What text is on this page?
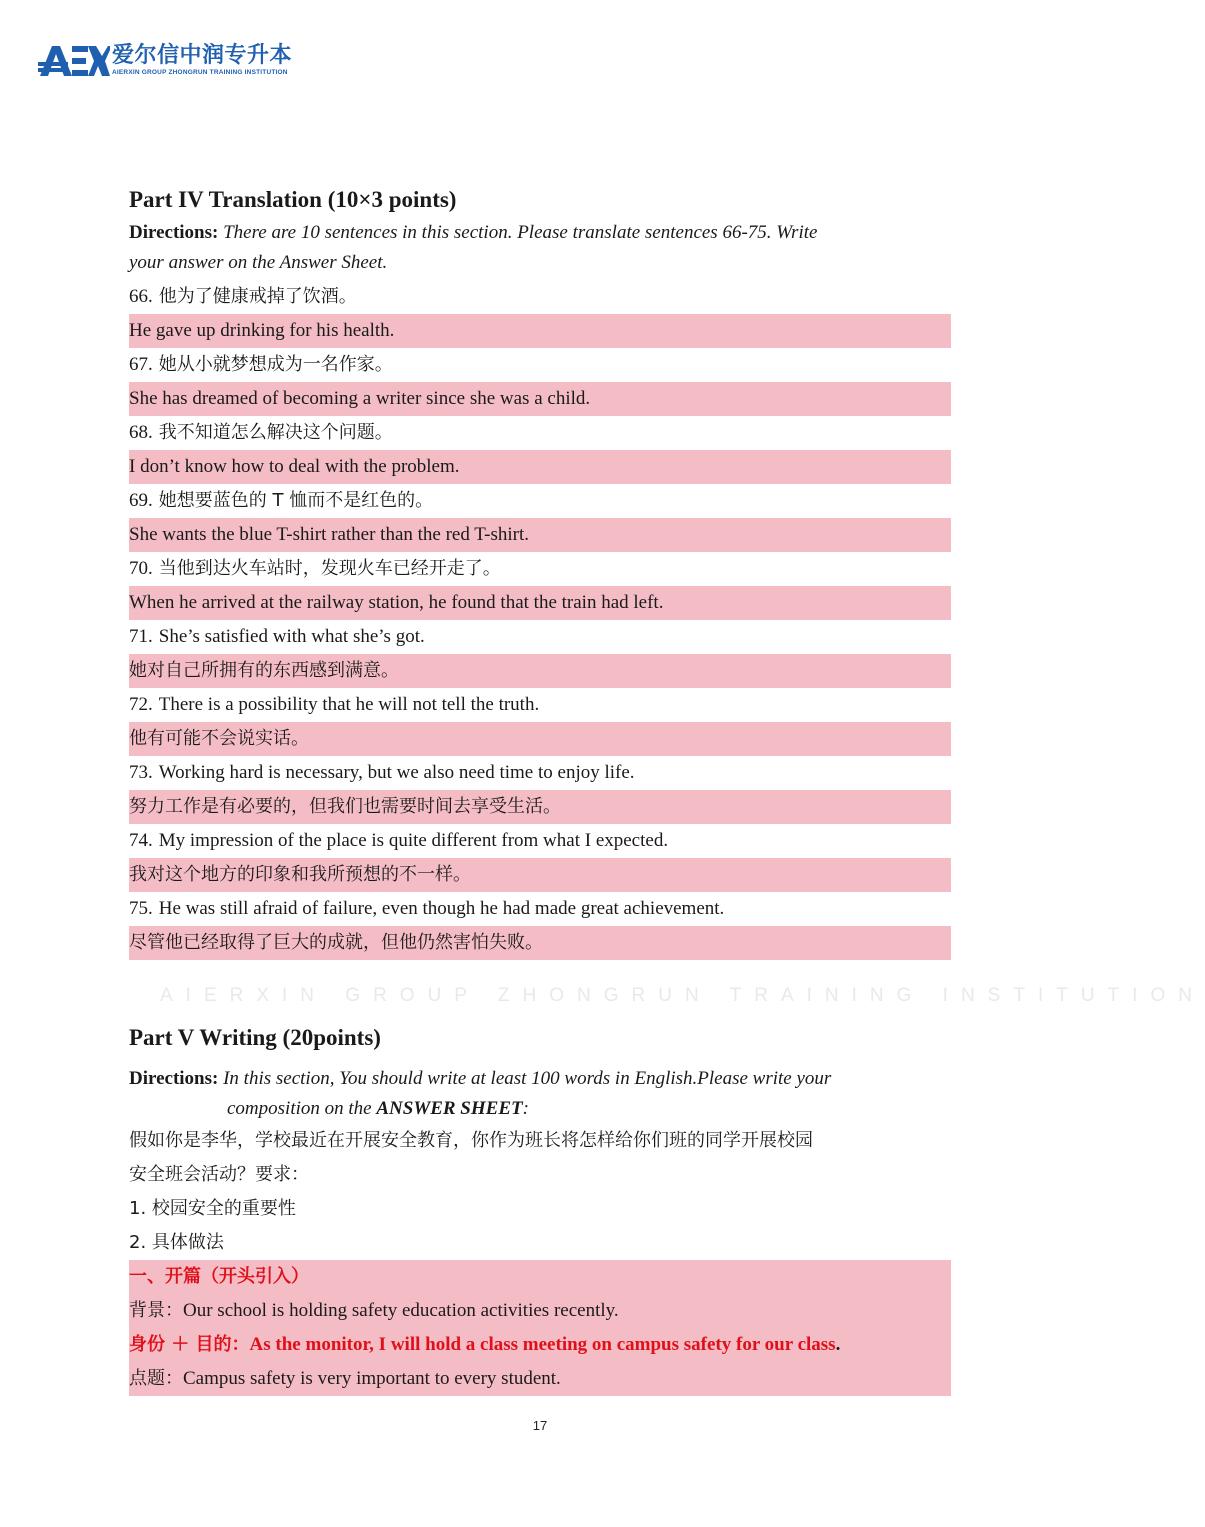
爱尔信中润专升本
AIERXIN GROUP ZHONGRUN TRAINING INSTITUTION
Part IV Translation (10×3 points)
Directions: There are 10 sentences in this section. Please translate sentences 66-75. Write
your answer on the Answer Sheet.
66. 他为了健康戒掉了饮酒。
He gave up drinking for his health.
67. 她从小就梦想成为一名作家。
She has dreamed of becoming a writer since she was a child.
68. 我不知道怎么解决这个问题。
I don’t know how to deal with the problem.
69. 她想要蓝色的 T 恤而不是红色的。
She wants the blue T-shirt rather than the red T-shirt.
70. 当他到达火车站时，发现火车已经开走了。
When he arrived at the railway station, he found that the train had left.
71. She’s satisfied with what she’s got.
她对自己所拥有的东西感到满意。
72. There is a possibility that he will not tell the truth.
他有可能不会说实话。
73. Working hard is necessary, but we also need time to enjoy life.
努力工作是有必要的，但我们也需要时间去享受生活。
74. My impression of the place is quite different from what I expected.
我对这个地方的印象和我所预想的不一样。
75. He was still afraid of failure, even though he had made great achievement.
尽管他已经取得了巨大的成就，但他仍然害怕失败。
AIERXIN GROUP ZHONGRUN TRAINING INSTITUTION
Part V Writing (20points)
Directions: In this section, You should write at least 100 words in English.Please write your
composition on the ANSWER SHEET:
假如你是李华，学校最近在开展安全教育，你作为班长将怎样给你们班的同学开展校园
安全班会活动？要求：
1. 校园安全的重要性
2. 具体做法
一、开篇（开头引入）
背景：Our school is holding safety education activities recently.
身份 ＋ 目的：As the monitor, I will hold a class meeting on campus safety for our class.
点题：Campus safety is very important to every student.
17
